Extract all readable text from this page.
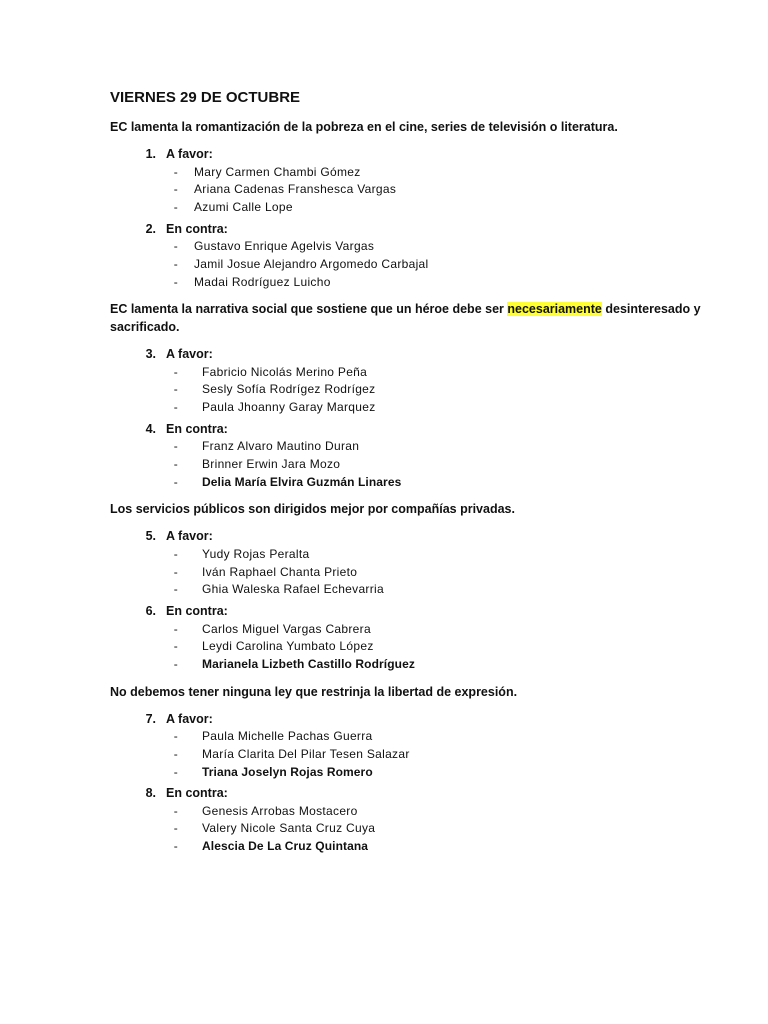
VIERNES 29 DE OCTUBRE

EC lamenta la romantización de la pobreza en el cine, series de televisión o literatura.

1. A favor:
- Mary Carmen Chambi Gómez
- Ariana Cadenas Franshesca Vargas
- Azumi Calle Lope
2. En contra:
- Gustavo Enrique Agelvis Vargas
- Jamil Josue Alejandro Argomedo Carbajal
- Madai Rodríguez Luicho

EC lamenta la narrativa social que sostiene que un héroe debe ser necesariamente desinteresado y sacrificado.

3. A favor:
- Fabricio Nicolás Merino Peña
- Sesly Sofía Rodrígez Rodrígez
- Paula Jhoanny Garay Marquez
4. En contra:
- Franz Alvaro Mautino Duran
- Brinner Erwin Jara Mozo
- Delia María Elvira Guzmán Linares

Los servicios públicos son dirigidos mejor por compañías privadas.

5. A favor:
- Yudy Rojas Peralta
- Iván Raphael Chanta Prieto
- Ghia Waleska Rafael Echevarria
6. En contra:
- Carlos Miguel Vargas Cabrera
- Leydi Carolina Yumbato López
- Marianela Lizbeth Castillo Rodríguez

No debemos tener ninguna ley que restrinja la libertad de expresión.

7. A favor:
- Paula Michelle Pachas Guerra
- María Clarita Del Pilar Tesen Salazar
- Triana Joselyn Rojas Romero
8. En contra:
- Genesis Arrobas Mostacero
- Valery Nicole Santa Cruz Cuya
- Alescia De La Cruz Quintana
